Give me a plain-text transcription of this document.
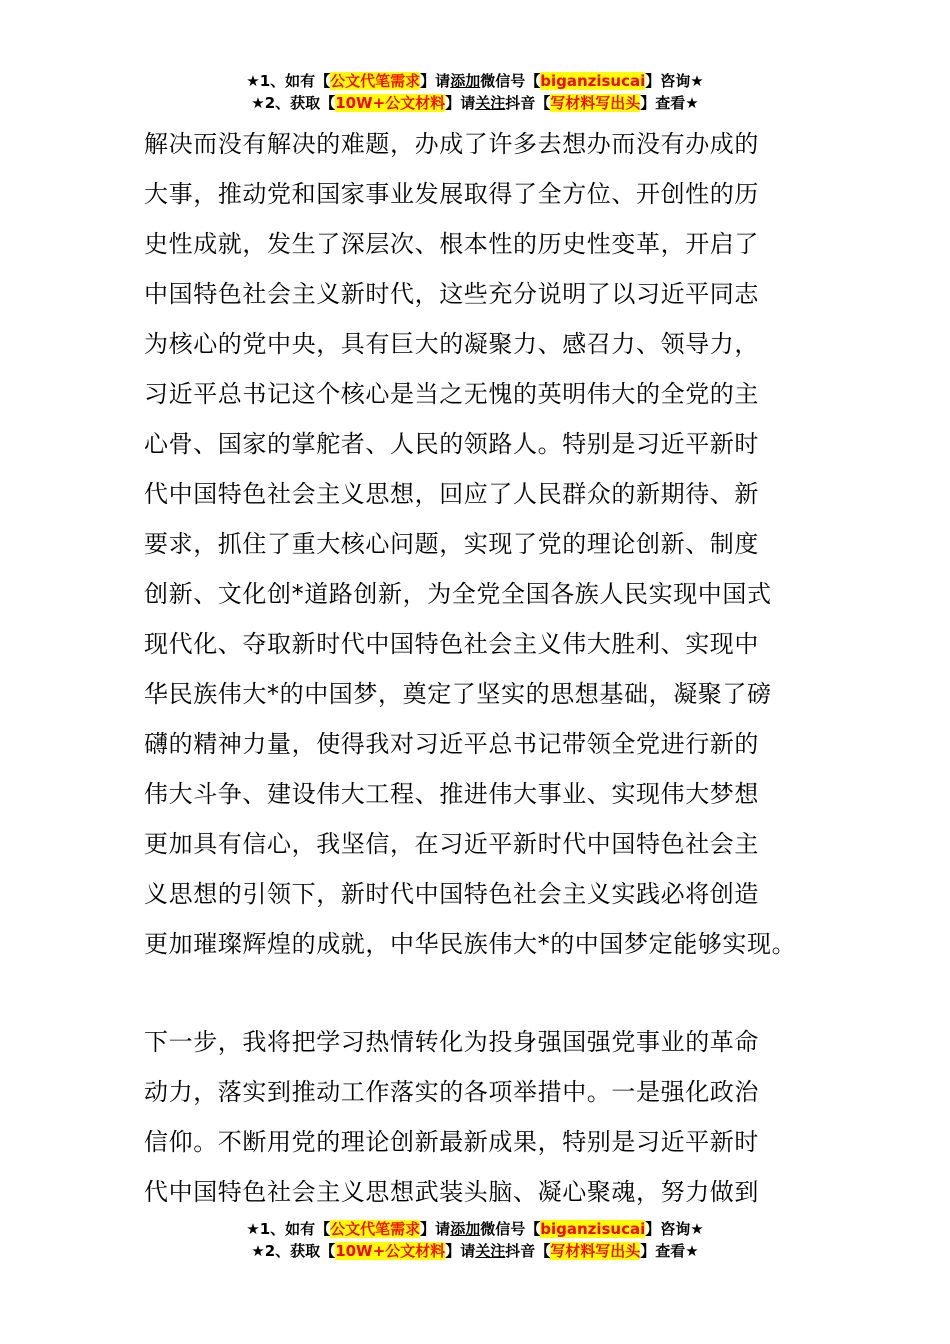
★1、如有【公文代笔需求】请添加微信号【biganzisucai】咨询★
★2、获取【10W+公文材料】请关注抖音【写材料写出头】查看★
解决而没有解决的难题，办成了许多去想办而没有办成的
大事，推动党和国家事业发展取得了全方位、开创性的历
史性成就，发生了深层次、根本性的历史性变革，开启了
中国特色社会主义新时代，这些充分说明了以习近平同志
为核心的党中央，具有巨大的凝聚力、感召力、领导力，
习近平总书记这个核心是当之无愧的英明伟大的全党的主
心骨、国家的掌舵者、人民的领路人。特别是习近平新时
代中国特色社会主义思想，回应了人民群众的新期待、新
要求，抓住了重大核心问题，实现了党的理论创新、制度
创新、文化创*道路创新，为全党全国各族人民实现中国式
现代化、夺取新时代中国特色社会主义伟大胜利、实现中
华民族伟大*的中国梦，奠定了坚实的思想基础，凝聚了磅
礴的精神力量，使得我对习近平总书记带领全党进行新的
伟大斗争、建设伟大工程、推进伟大事业、实现伟大梦想
更加具有信心，我坚信，在习近平新时代中国特色社会主
义思想的引领下，新时代中国特色社会主义实践必将创造
更加璀璨辉煌的成就，中华民族伟大*的中国梦定能够实现。
下一步，我将把学习热情转化为投身强国强党事业的革命
动力，落实到推动工作落实的各项举措中。一是强化政治
信仰。不断用党的理论创新最新成果，特别是习近平新时
代中国特色社会主义思想武装头脑、凝心聚魂，努力做到
★1、如有【公文代笔需求】请添加微信号【biganzisucai】咨询★
★2、获取【10W+公文材料】请关注抖音【写材料写出头】查看★
